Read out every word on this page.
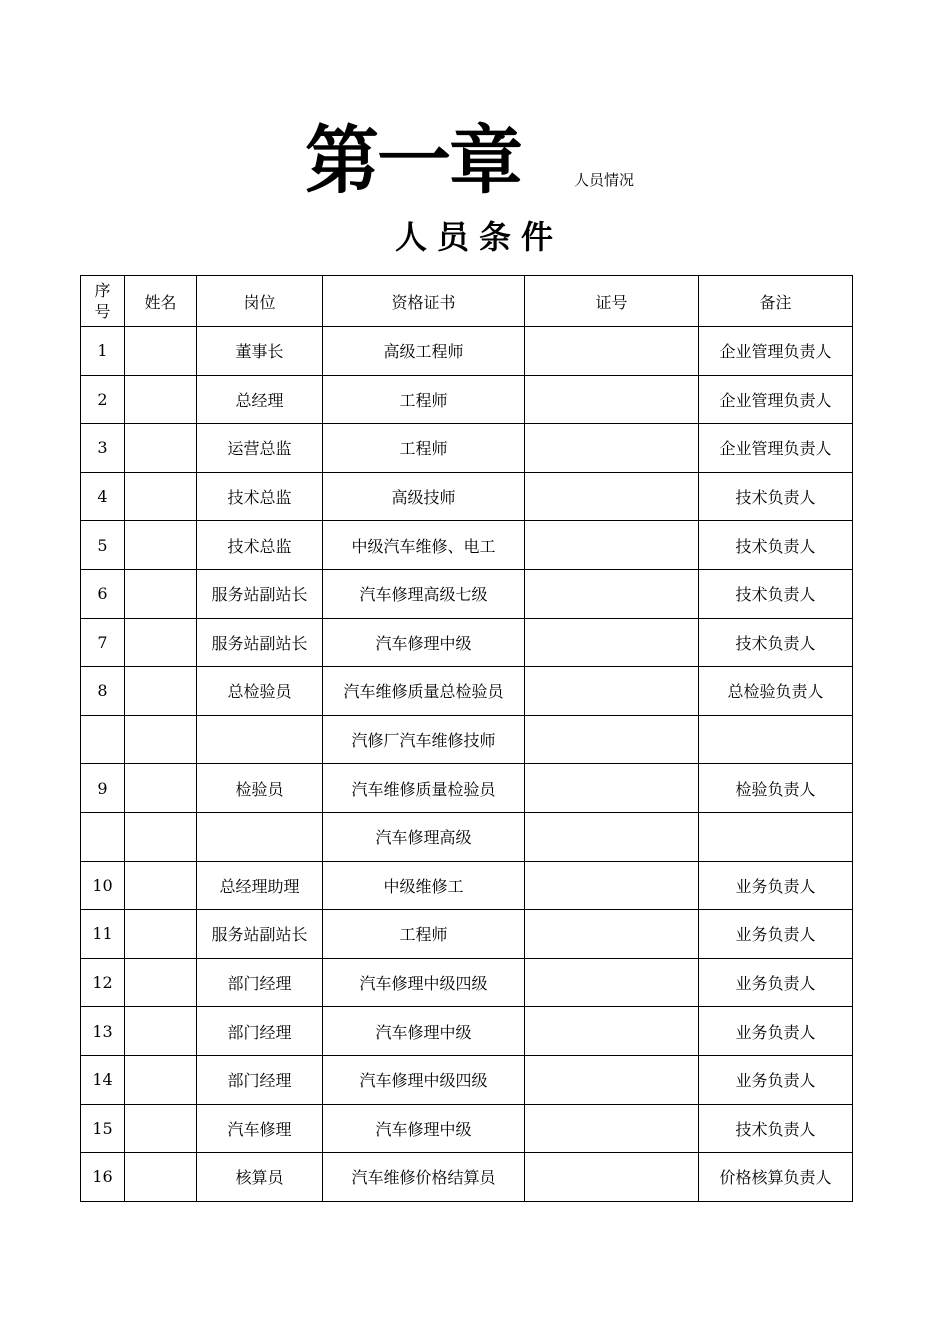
第一章	人员情况
人员条件
序号	姓名	岗位	资格证书	证号	备注
1		董事长	高级工程师		企业管理负责人
2		总经理	工程师		企业管理负责人
3		运营总监	工程师		企业管理负责人
4		技术总监	高级技师		技术负责人
5		技术总监	中级汽车维修、电工		技术负责人
6		服务站副站长	汽车修理高级七级		技术负责人
7		服务站副站长	汽车修理中级		技术负责人
8		总检验员	汽车维修质量总检验员		总检验负责人
			汽修厂汽车维修技师		
9		检验员	汽车维修质量检验员		检验负责人
			汽车修理高级		
10		总经理助理	中级维修工		业务负责人
11		服务站副站长	工程师		业务负责人
12		部门经理	汽车修理中级四级		业务负责人
13		部门经理	汽车修理中级		业务负责人
14		部门经理	汽车修理中级四级		业务负责人
15		汽车修理	汽车修理中级		技术负责人
16		核算员	汽车维修价格结算员		价格核算负责人
